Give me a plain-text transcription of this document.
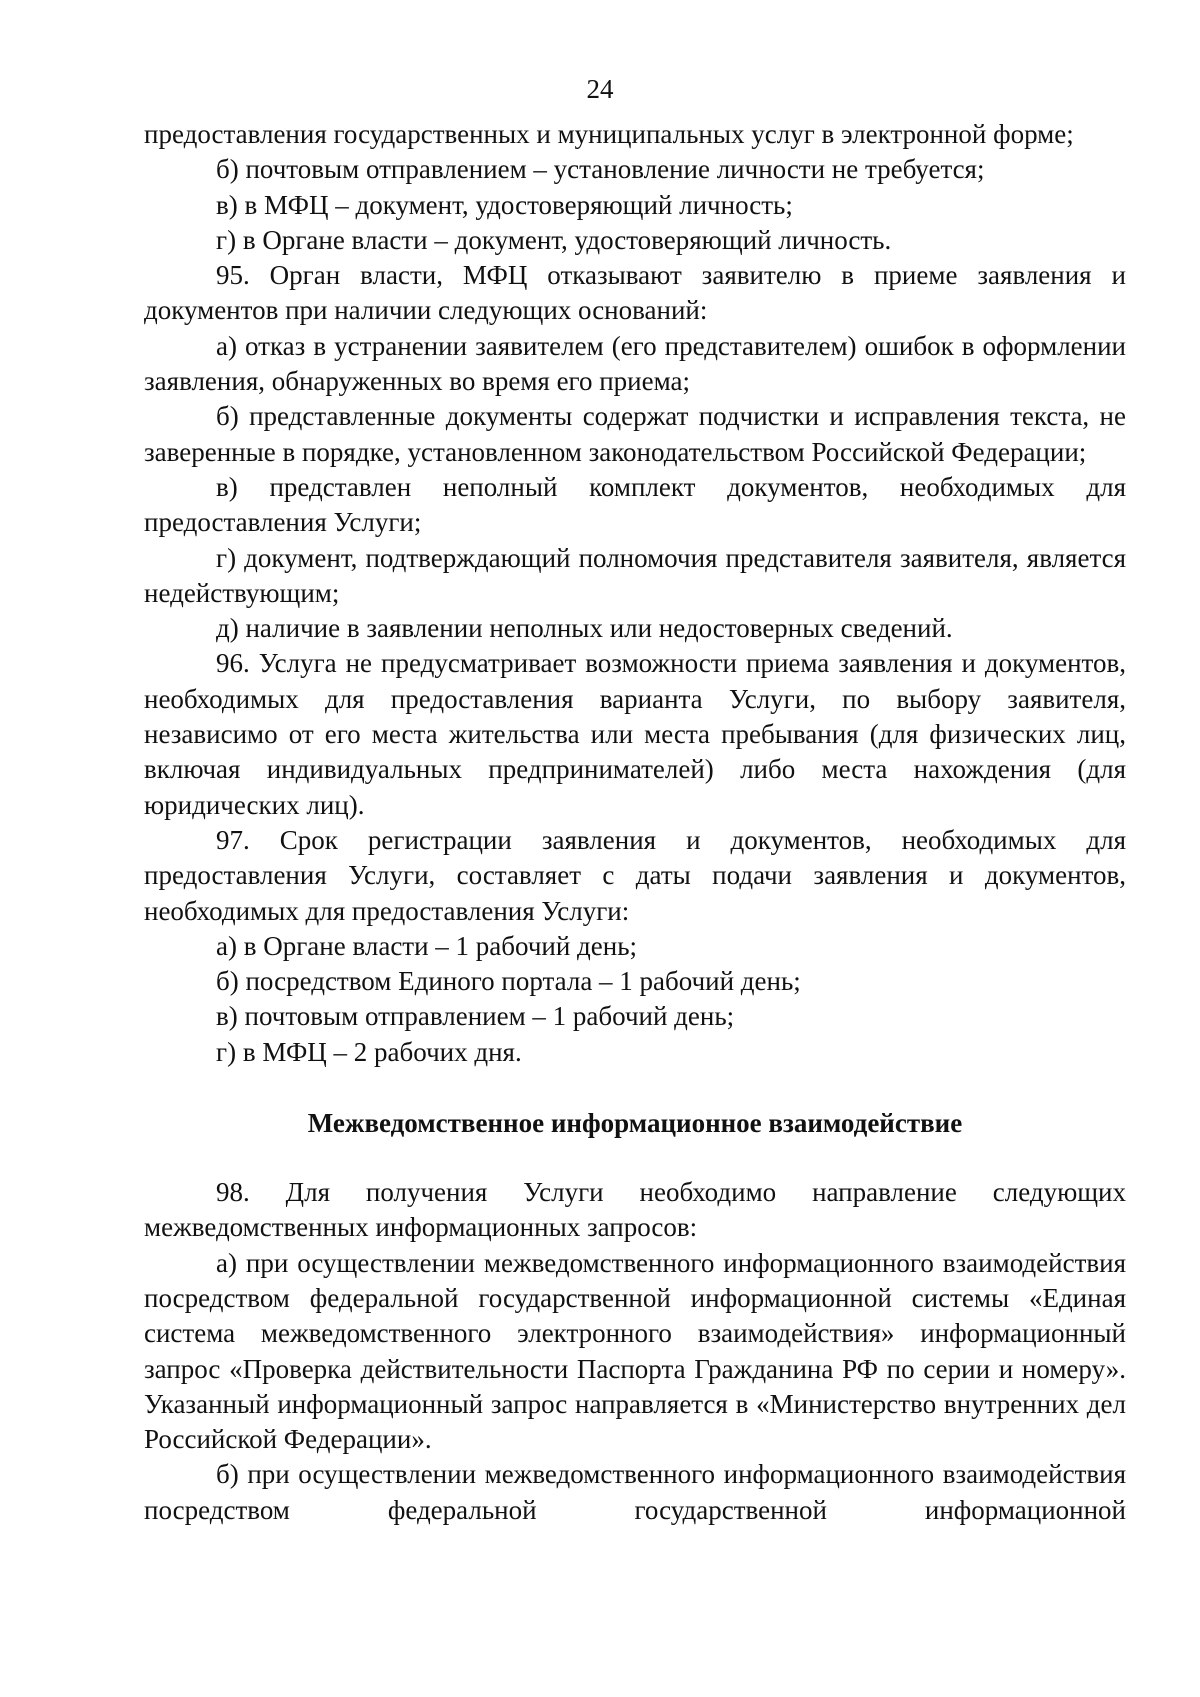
24

предоставления государственных и муниципальных услуг в электронной форме;

б) почтовым отправлением – установление личности не требуется;

в) в МФЦ – документ, удостоверяющий личность;

г) в Органе власти – документ, удостоверяющий личность.

95. Орган власти, МФЦ отказывают заявителю в приеме заявления и документов при наличии следующих оснований:

а) отказ в устранении заявителем (его представителем) ошибок в оформлении заявления, обнаруженных во время его приема;

б) представленные документы содержат подчистки и исправления текста, не заверенные в порядке, установленном законодательством Российской Федерации;

в) представлен неполный комплект документов, необходимых для предоставления Услуги;

г) документ, подтверждающий полномочия представителя заявителя, является недействующим;

д) наличие в заявлении неполных или недостоверных сведений.

96. Услуга не предусматривает возможности приема заявления и документов, необходимых для предоставления варианта Услуги, по выбору заявителя, независимо от его места жительства или места пребывания (для физических лиц, включая индивидуальных предпринимателей) либо места нахождения (для юридических лиц).

97. Срок регистрации заявления и документов, необходимых для предоставления Услуги, составляет с даты подачи заявления и документов, необходимых для предоставления Услуги:

а) в Органе власти – 1 рабочий день;

б) посредством Единого портала – 1 рабочий день;

в) почтовым отправлением – 1 рабочий день;

г) в МФЦ – 2 рабочих дня.

Межведомственное информационное взаимодействие

98. Для получения Услуги необходимо направление следующих межведомственных информационных запросов:

а) при осуществлении межведомственного информационного взаимодействия посредством федеральной государственной информационной системы «Единая система межведомственного электронного взаимодействия» информационный запрос «Проверка действительности Паспорта Гражданина РФ по серии и номеру». Указанный информационный запрос направляется в «Министерство внутренних дел Российской Федерации».

б) при осуществлении межведомственного информационного взаимодействия посредством федеральной государственной информационной
